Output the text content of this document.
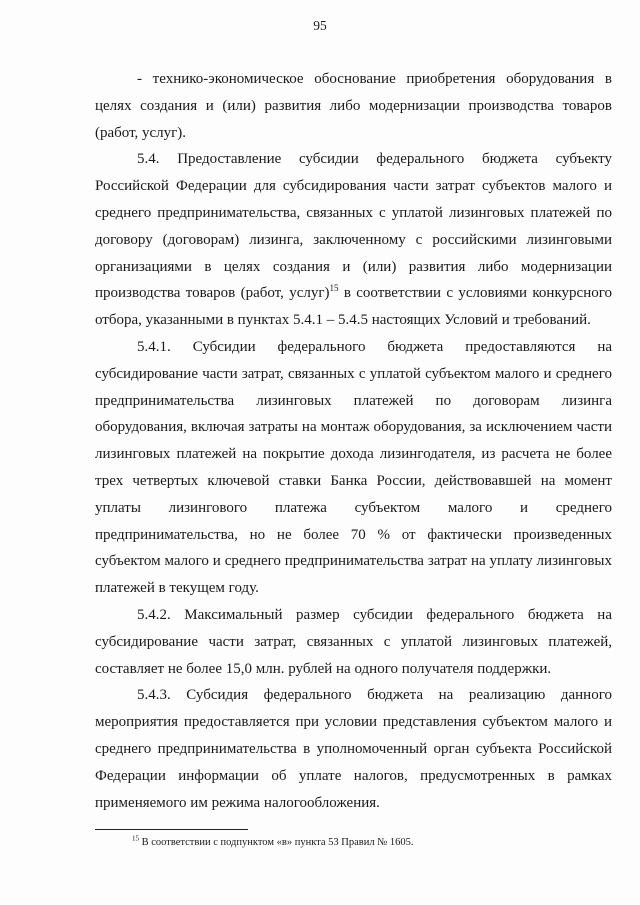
95

- технико-экономическое обоснование приобретения оборудования в целях создания и (или) развития либо модернизации производства товаров (работ, услуг).

5.4. Предоставление субсидии федерального бюджета субъекту Российской Федерации для субсидирования части затрат субъектов малого и среднего предпринимательства, связанных с уплатой лизинговых платежей по договору (договорам) лизинга, заключенному с российскими лизинговыми организациями в целях создания и (или) развития либо модернизации производства товаров (работ, услуг)$^{15}$ в соответствии с условиями конкурсного отбора, указанными в пунктах 5.4.1 – 5.4.5 настоящих Условий и требований.

5.4.1. Субсидии федерального бюджета предоставляются на субсидирование части затрат, связанных с уплатой субъектом малого и среднего предпринимательства лизинговых платежей по договорам лизинга оборудования, включая затраты на монтаж оборудования, за исключением части лизинговых платежей на покрытие дохода лизингодателя, из расчета не более трех четвертых ключевой ставки Банка России, действовавшей на момент уплаты лизингового платежа субъектом малого и среднего предпринимательства, но не более 70 % от фактически произведенных субъектом малого и среднего предпринимательства затрат на уплату лизинговых платежей в текущем году.

5.4.2. Максимальный размер субсидии федерального бюджета на субсидирование части затрат, связанных с уплатой лизинговых платежей, составляет не более 15,0 млн. рублей на одного получателя поддержки.

5.4.3. Субсидия федерального бюджета на реализацию данного мероприятия предоставляется при условии представления субъектом малого и среднего предпринимательства в уполномоченный орган субъекта Российской Федерации информации об уплате налогов, предусмотренных в рамках применяемого им режима налогообложения.

$^{15}$ В соответствии с подпунктом «в» пункта 53 Правил № 1605.
